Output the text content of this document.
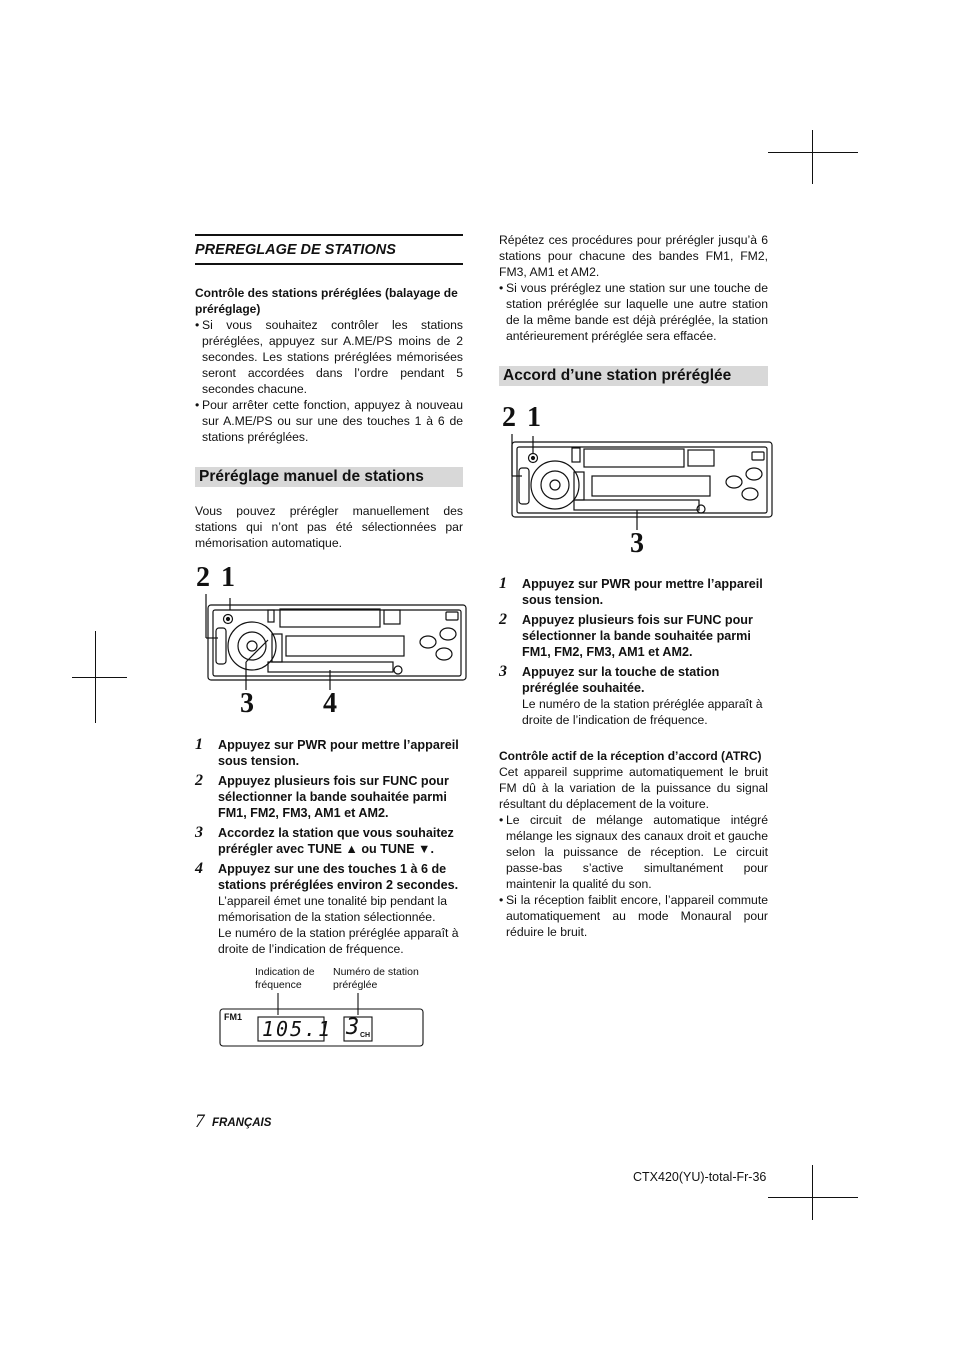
PREREGLAGE DE STATIONS

Contrôle des stations préréglées (balayage de préréglage)

• Si vous souhaitez contrôler les stations préréglées, appuyez sur A.ME/PS moins de 2 secondes. Les stations préréglées mémorisées seront accordées dans l’ordre pendant 5 secondes chacune.
• Pour arrêter cette fonction, appuyez à nouveau sur A.ME/PS ou sur une des touches 1 à 6 de stations préréglées.
Préréglage manuel de stations

Vous pouvez prérégler manuellement des stations qui n’ont pas été sélectionnées par mémorisation automatique.

2 1
3 4
1	Appuyez sur PWR pour mettre l’appareil sous tension.
2	Appuyez plusieurs fois sur FUNC pour sélectionner la bande souhaitée parmi FM1, FM2, FM3, AM1 et AM2.
3	Accordez la station que vous souhaitez prérégler avec TUNE ▲ ou TUNE ▼.
4	Appuyez sur une des touches 1 à 6 de stations préréglées environ 2 secondes.
L’appareil émet une tonalité bip pendant la mémorisation de la station sélectionnée.
Le numéro de la station préréglée apparaît à droite de l’indication de fréquence.
Indication de fréquence
Numéro de station préréglée
FM1 105.1 3 CH

Répétez ces procédures pour prérégler jusqu’à 6 stations pour chacune des bandes FM1, FM2, FM3, AM1 et AM2.

• Si vous préréglez une station sur une touche de station préréglée sur laquelle une autre station de la même bande est déjà préréglée, la station antérieurement préréglée sera effacée.
Accord d’une station préréglée
2 1
3
1	Appuyez sur PWR pour mettre l’appareil sous tension.
2	Appuyez plusieurs fois sur FUNC pour sélectionner la bande souhaitée parmi FM1, FM2, FM3, AM1 et AM2.
3	Appuyez sur la touche de station préréglée souhaitée.
Le numéro de la station préréglée apparaît à droite de l’indication de fréquence.

Contrôle actif de la réception d’accord (ATRC)

Cet appareil supprime automatiquement le bruit FM dû à la variation de la puissance du signal résultant du déplacement de la voiture.

• Le circuit de mélange automatique intégré mélange les signaux des canaux droit et gauche selon la puissance de réception. Le circuit passe-bas s’active simultanément pour maintenir la qualité du son.
• Si la réception faiblit encore, l’appareil commute automatiquement au mode Monaural pour réduire le bruit.
7 FRANÇAIS
CTX420(YU)-total-Fr-36
